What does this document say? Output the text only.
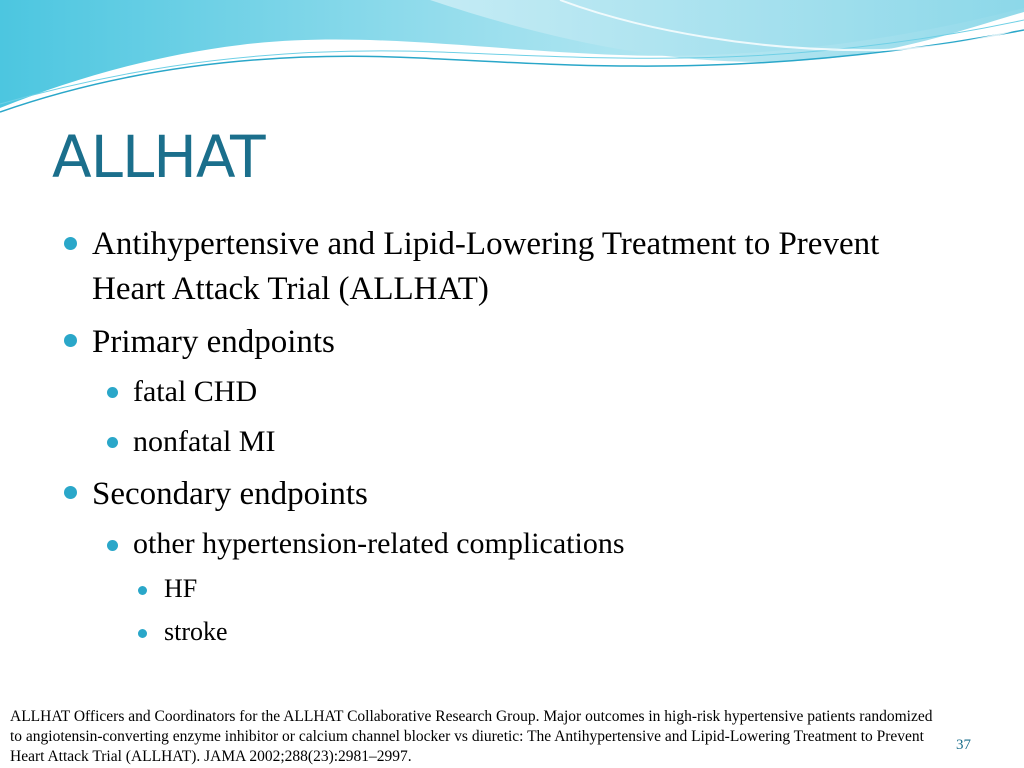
ALLHAT
Antihypertensive and Lipid-Lowering Treatment to Prevent Heart Attack Trial (ALLHAT)
Primary endpoints
fatal CHD
nonfatal MI
Secondary endpoints
other hypertension-related complications
HF
stroke
ALLHAT Officers and Coordinators for the ALLHAT Collaborative Research Group. Major outcomes in high-risk hypertensive patients randomized to angiotensin-converting enzyme inhibitor or calcium channel blocker vs diuretic: The Antihypertensive and Lipid-Lowering Treatment to Prevent Heart Attack Trial (ALLHAT). JAMA 2002;288(23):2981–2997.
37
